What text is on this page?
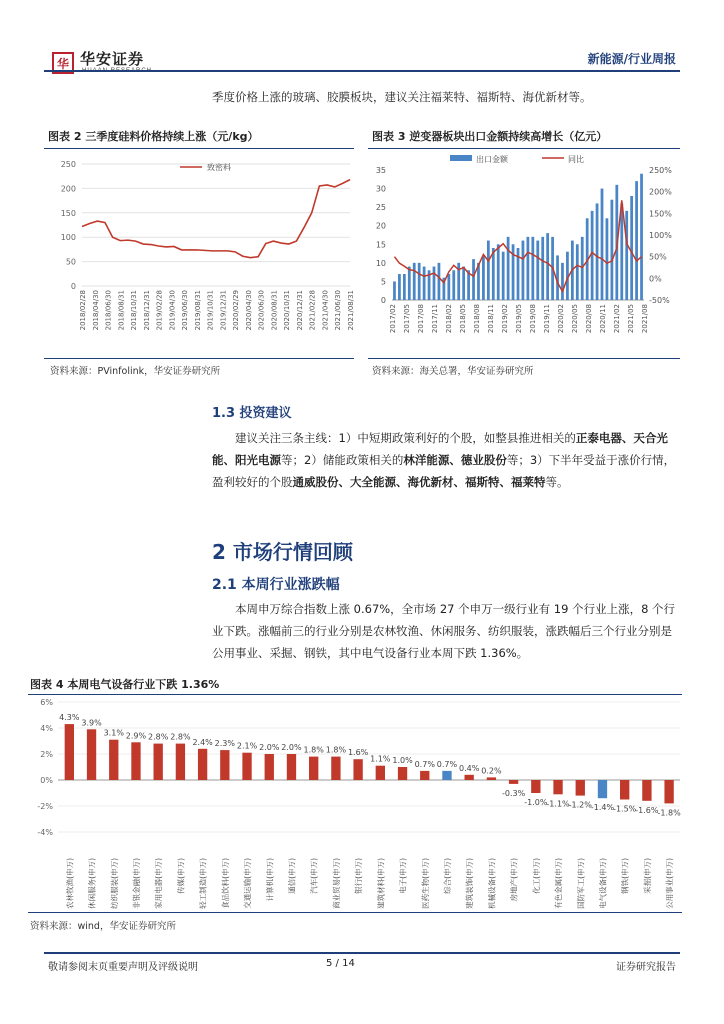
华 华安证券	新能源/行业周报
季度价格上涨的玻璃、胶膜板块，建议关注福莱特、福斯特、海优新材等。
图表 2 三季度硅料价格持续上涨（元/kg）
250
200
150
100
50
0
2018/02/28 2018/04/30 2018/06/30 2018/08/31 2018/10/31 2018/12/31 2019/02/28 2019/04/30 2019/06/30 2019/08/31 2019/10/31 2019/12/31 2020/02/29 2020/04/30 2020/06/30 2020/08/31 2020/10/31 2020/12/31 2021/02/28 2021/04/30 2021/06/30 2021/08/31
致密料
资料来源：PVinfolink，华安证券研究所
图表 3 逆变器板块出口金额持续高增长（亿元）
35
30
25
20
15
10
5
0
250%
200%
150%
100%
50%
0%
-50%
2017/02 2017/05 2017/08 2017/11 2018/02 2018/05 2018/08 2018/11 2019/02 2019/05 2019/08 2019/11 2020/02 2020/05 2020/08 2020/11 2021/02 2021/05 2021/08
出口金额	同比
资料来源：海关总署，华安证券研究所
1.3 投资建议
建议关注三条主线：1）中短期政策利好的个股，如整县推进相关的正泰电器、天合光能、阳光电源等；2）储能政策相关的林洋能源、德业股份等；3）下半年受益于涨价行情，盈利较好的个股通威股份、大全能源、海优新材、福斯特、福莱特等。
2 市场行情回顾
2.1 本周行业涨跌幅
本周申万综合指数上涨 0.67%，全市场 27 个申万一级行业有 19 个行业上涨，8 个行业下跌。涨幅前三的行业分别是农林牧渔、休闲服务、纺织服装，涨跌幅后三个行业分别是公用事业、采掘、钢铁，其中电气设备行业本周下跌 1.36%。
图表 4 本周电气设备行业下跌 1.36%
6%
4%
2%
0%
-2%
-4%
4.3%
农林牧渔(申万)
3.9%
休闲服务(申万)
3.1%
纺织服装(申万)
2.9%
非银金融(申万)
2.8%
家用电器(申万)
2.8%
传媒(申万)
2.4%
轻工制造(申万)
2.3%
食品饮料(申万)
2.1%
交通运输(申万)
2.0%
计算机(申万)
2.0%
通信(申万)
1.8%
汽车(申万)
1.8%
商业贸易(申万)
1.6%
银行(申万)
1.1%
建筑材料(申万)
1.0%
电子(申万)
0.7%
医药生物(申万)
0.7%
综合(申万)
0.4%
建筑装饰(申万)
0.2%
机械设备(申万)
-0.3%
房地产(申万)
-1.0%
化工(申万)
-1.1%
有色金属(申万)
-1.2%
国防军工(申万)
-1.4%
电气设备(申万)
-1.5%
钢铁(申万)
-1.6%
采掘(申万)
-1.8%
公用事业(申万)
资料来源：wind，华安证券研究所
敬请参阅末页重要声明及评级说明	5 / 14	证券研究报告
